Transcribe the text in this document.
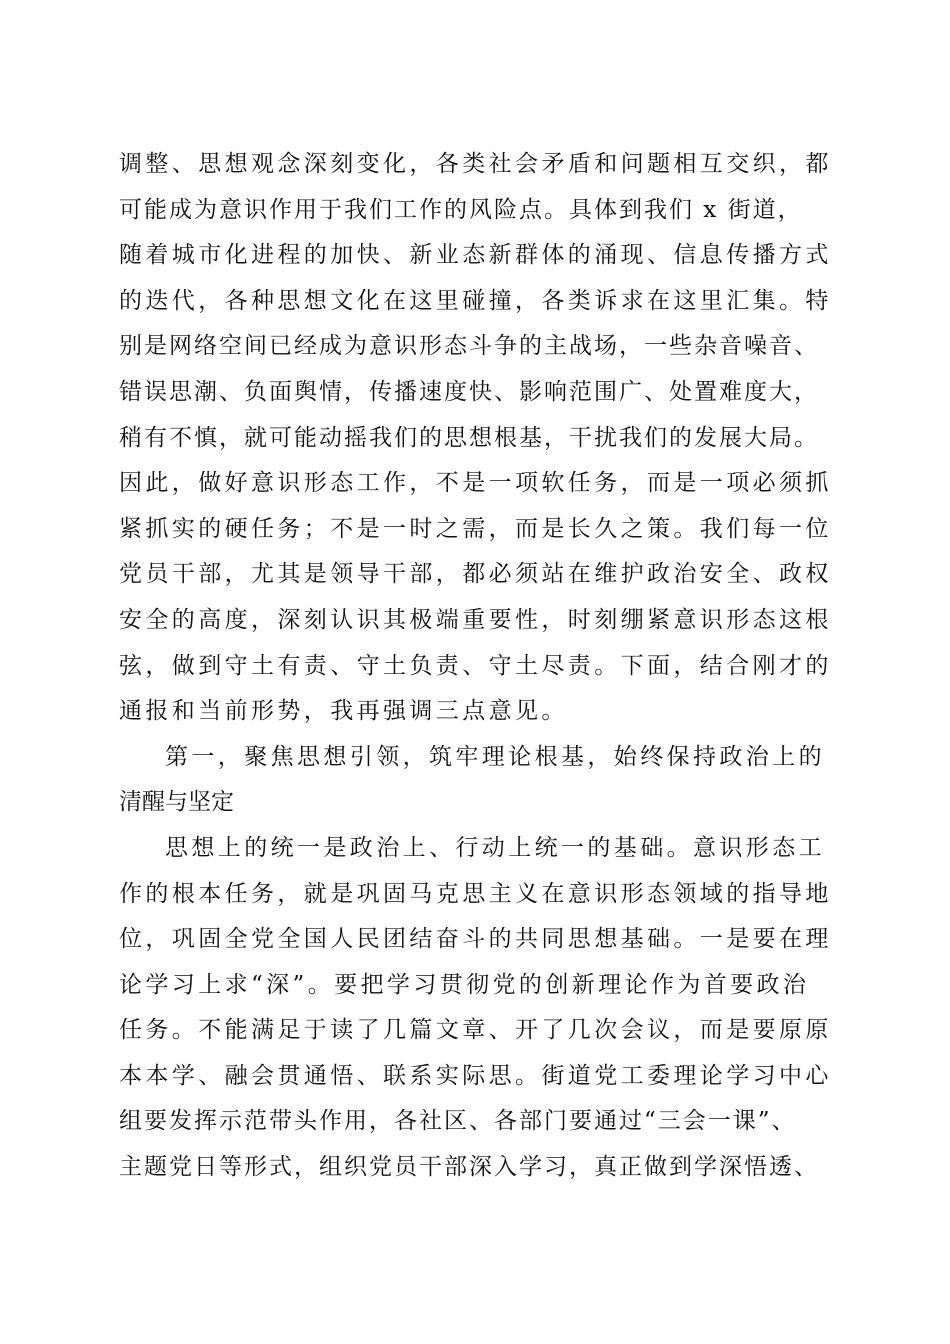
调整、思想观念深刻变化，各类社会矛盾和问题相互交织，都
可能成为意识作用于我们工作的风险点。具体到我们 x 街道，
随着城市化进程的加快、新业态新群体的涌现、信息传播方式
的迭代，各种思想文化在这里碰撞，各类诉求在这里汇集。特
别是网络空间已经成为意识形态斗争的主战场，一些杂音噪音、
错误思潮、负面舆情，传播速度快、影响范围广、处置难度大，
稍有不慎，就可能动摇我们的思想根基，干扰我们的发展大局。
因此，做好意识形态工作，不是一项软任务，而是一项必须抓
紧抓实的硬任务；不是一时之需，而是长久之策。我们每一位
党员干部，尤其是领导干部，都必须站在维护政治安全、政权
安全的高度，深刻认识其极端重要性，时刻绷紧意识形态这根
弦，做到守土有责、守土负责、守土尽责。下面，结合刚才的
通报和当前形势，我再强调三点意见。
第一，聚焦思想引领，筑牢理论根基，始终保持政治上的
清醒与坚定
思想上的统一是政治上、行动上统一的基础。意识形态工
作的根本任务，就是巩固马克思主义在意识形态领域的指导地
位，巩固全党全国人民团结奋斗的共同思想基础。一是要在理
论学习上求“深”。要把学习贯彻党的创新理论作为首要政治
任务。不能满足于读了几篇文章、开了几次会议，而是要原原
本本学、融会贯通悟、联系实际思。街道党工委理论学习中心
组要发挥示范带头作用，各社区、各部门要通过“三会一课”、
主题党日等形式，组织党员干部深入学习，真正做到学深悟透、
